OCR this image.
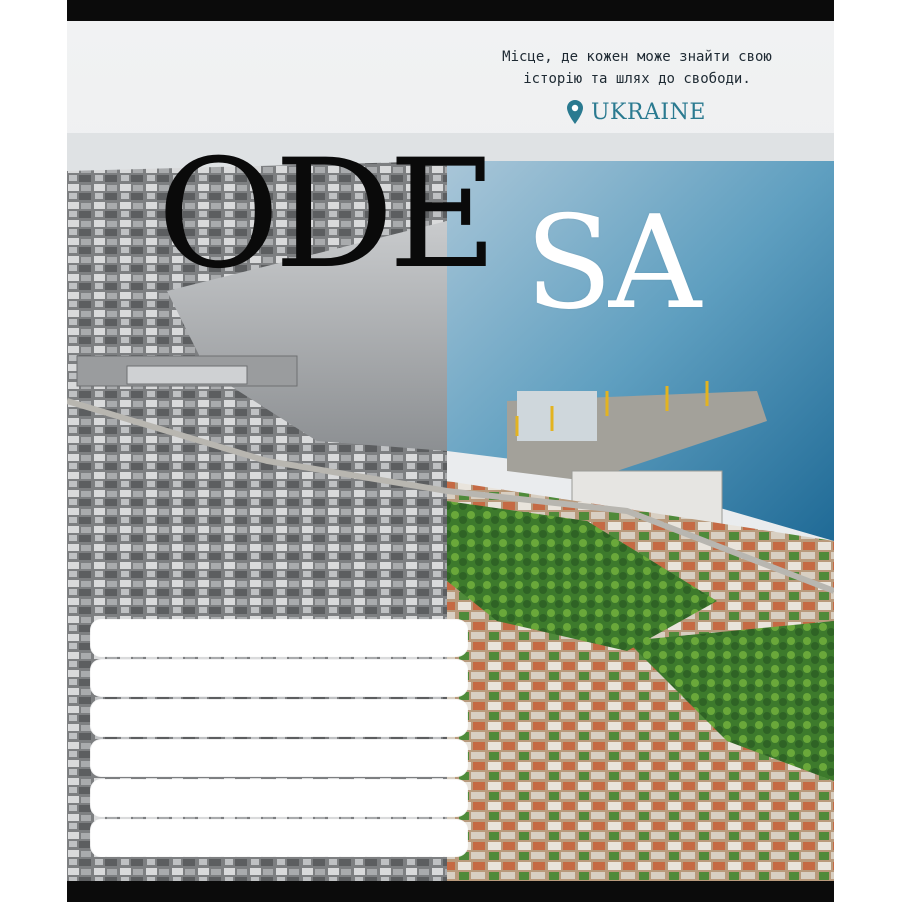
Місце, де кожен може знайти свою
історію та шлях до свободи.
UKRAINE
ODE SA
